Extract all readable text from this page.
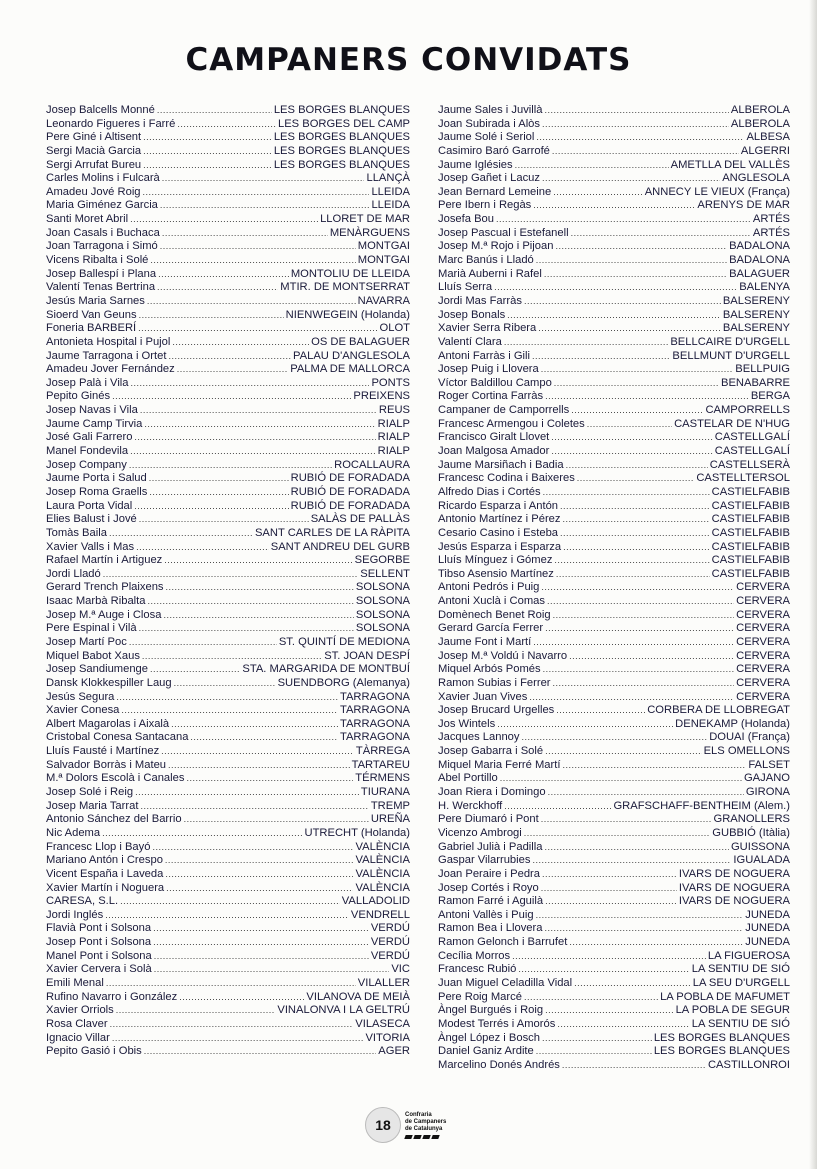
CAMPANERS CONVIDATS
Josep Balcells Monné .....	LES BORGES BLANQUES
Leonardo Figueres i Farré .....	LES BORGES DEL CAMP
Pere Giné i Altisent .....	LES BORGES BLANQUES
Sergi Macià Garcia .....	LES BORGES BLANQUES
Sergi Arrufat Bureu .....	LES BORGES BLANQUES
Carles Molins i Fulcarà .....	LLANÇÀ
Amadeu Jové Roig .....	LLEIDA
Maria Giménez Garcia .....	LLEIDA
Santi Moret Abril .....	LLORET DE MAR
Joan Casals i Buchaca .....	MENÀRGUENS
Joan Tarragona i Simó .....	MONTGAI
Vicens Ribalta i Solé .....	MONTGAI
Josep Ballespí i Plana .....	MONTOLIU DE LLEIDA
Valentí Tenas Bertrina .....	MTIR. DE MONTSERRAT
Jesús Maria Sarnes .....	NAVARRA
Sioerd Van Geuns .....	NIENWEGEIN (Holanda)
Foneria BARBERÍ .....	OLOT
Antonieta Hospital i Pujol .....	OS DE BALAGUER
Jaume Tarragona i Ortet .....	PALAU D'ANGLESOLA
Amadeu Jover Fernández .....	PALMA DE MALLORCA
Josep Palà i Vila .....	PONTS
Pepito Ginés .....	PREIXENS
Josep Navas i Vila .....	REUS
Jaume Camp Tirvia .....	RIALP
José Gali Farrero .....	RIALP
Manel Fondevila .....	RIALP
Josep Company .....	ROCALLAURA
Jaume Porta i Salud .....	RUBIÓ DE FORADADA
Josep Roma Graells .....	RUBIÓ DE FORADADA
Laura Porta Vidal .....	RUBIÓ DE FORADADA
Elies Balust i Jové .....	SALÀS DE PALLÀS
Tomàs Baila .....	SANT CARLES DE LA RÀPITA
Xavier Valls i Mas .....	SANT ANDREU DEL GURB
Rafael Martín i Artiguez .....	SEGORBE
Jordi Lladó .....	SELLENT
Gerard Trench Plaixens .....	SOLSONA
Isaac Marbà Ribalta .....	SOLSONA
Josep M.ª Auge i Closa .....	SOLSONA
Pere Espinal i Vilà .....	SOLSONA
Josep Martí Poc .....	ST. QUINTÍ DE MEDIONA
Miquel Babot Xaus .....	ST. JOAN DESPÍ
Josep Sandiumenge .....	STA. MARGARIDA DE MONTBUÍ
Dansk Klokkespiller Laug .....	SUENDBORG (Alemanya)
Jesús Segura .....	TARRAGONA
Xavier Conesa .....	TARRAGONA
Albert Magarolas i Aixalà .....	TARRAGONA
Cristobal Conesa Santacana .....	TARRAGONA
Lluís Fausté i Martínez .....	TÀRREGA
Salvador Borràs i Mateu .....	TARTAREU
M.ª Dolors Escolà i Canales .....	TÉRMENS
Josep Solé i Reig .....	TIURANA
Josep Maria Tarrat .....	TREMP
Antonio Sánchez del Barrio .....	UREÑA
Nic Adema .....	UTRECHT (Holanda)
Francesc Llop i Bayó .....	VALÈNCIA
Mariano Antón i Crespo .....	VALÈNCIA
Vicent España i Laveda .....	VALÈNCIA
Xavier Martín i Noguera .....	VALÈNCIA
CARESA, S.L. .....	VALLADOLID
Jordi Inglés .....	VENDRELL
Flavià Pont i Solsona .....	VERDÚ
Josep Pont i Solsona .....	VERDÚ
Manel Pont i Solsona .....	VERDÚ
Xavier Cervera i Solà .....	VIC
Emili Menal .....	VILALLER
Rufino Navarro i González .....	VILANOVA DE MEIÀ
Xavier Orriols .....	VINALONVA I LA GELTRÚ
Rosa Claver .....	VILASECA
Ignacio Villar .....	VITORIA
Pepito Gasió i Obis .....	AGER
Jaume Sales i Juvillà .....	ALBEROLA
Joan Subirada i Alòs .....	ALBEROLA
Jaume Solé i Seriol .....	ALBESA
Casimiro Baró Garrofé .....	ALGERRI
Jaume Iglésies .....	AMETLLA DEL VALLÈS
Josep Gañet i Lacuz .....	ANGLESOLA
Jean Bernard Lemeine .....	ANNECY LE VIEUX (França)
Pere Ibern i Regàs .....	ARENYS DE MAR
Josefa Bou .....	ARTÉS
Josep Pascual i Estefanell .....	ARTÉS
Josep M.ª Rojo i Pijoan .....	BADALONA
Marc Banús i Lladó .....	BADALONA
Marià Auberni i Rafel .....	BALAGUER
Lluís Serra .....	BALENYA
Jordi Mas Farràs .....	BALSERENY
Josep Bonals .....	BALSERENY
Xavier Serra Ribera .....	BALSERENY
Valentí Clara .....	BELLCAIRE D'URGELL
Antoni Farràs i Gili .....	BELLMUNT D'URGELL
Josep Puig i Llovera .....	BELLPUIG
Víctor Baldillou Campo .....	BENABARRE
Roger Cortina Farràs .....	BERGA
Campaner de Camporrells .....	CAMPORRELLS
Francesc Armengou i Coletes .....	CASTELAR DE N'HUG
Francisco Giralt Llovet .....	CASTELLGALÍ
Joan Malgosa Amador .....	CASTELLGALÍ
Jaume Marsiñach i Badia .....	CASTELLSERÀ
Francesc Codina i Baixeres .....	CASTELLTERSOL
Alfredo Dias i Cortés .....	CASTIELFABIB
Ricardo Esparza i Antón .....	CASTIELFABIB
Antonio Martínez i Pérez .....	CASTIELFABIB
Cesario Casino i Esteba .....	CASTIELFABIB
Jesús Esparza i Esparza .....	CASTIELFABIB
Lluís Mínguez i Gómez .....	CASTIELFABIB
Tibso Asensio Martínez .....	CASTIELFABIB
Antoni Pedrós i Puig .....	CERVERA
Antoni Xuclà i Comas .....	CERVERA
Domènech Benet Roig .....	CERVERA
Gerard García Ferrer .....	CERVERA
Jaume Font i Martí .....	CERVERA
Josep M.ª Voldú i Navarro .....	CERVERA
Miquel Arbós Pomés .....	CERVERA
Ramon Subias i Ferrer .....	CERVERA
Xavier Juan Vives .....	CERVERA
Josep Brucard Urgelles .....	CORBERA DE LLOBREGAT
Jos Wintels .....	DENEKAMP (Holanda)
Jacques Lannoy .....	DOUAI (França)
Josep Gabarra i Solé .....	ELS OMELLONS
Miquel Maria Ferré Martí .....	FALSET
Abel Portillo .....	GAJANO
Joan Riera i Domingo .....	GIRONA
H. Werckhoff .....	GRAFSCHAFF-BENTHEIM (Alem.)
Pere Diumaró i Pont .....	GRANOLLERS
Vicenzo Ambrogi .....	GUBBIÓ (Itàlia)
Gabriel Julià i Padilla .....	GUISSONA
Gaspar Vilarrubies .....	IGUALADA
Joan Peraire i Pedra .....	IVARS DE NOGUERA
Josep Cortés i Royo .....	IVARS DE NOGUERA
Ramon Farré i Aguilà .....	IVARS DE NOGUERA
Antoni Vallès i Puig .....	JUNEDA
Ramon Bea i Llovera .....	JUNEDA
Ramon Gelonch i Barrufet .....	JUNEDA
Cecília Morros .....	LA FIGUEROSA
Francesc Rubió .....	LA SENTIU DE SIÓ
Juan Miguel Celadilla Vidal .....	LA SEU D'URGELL
Pere Roig Marcé .....	LA POBLA DE MAFUMET
Àngel Burgués i Roig .....	LA POBLA DE SEGUR
Modest Terrés i Amorós .....	LA SENTIU DE SIÓ
Àngel López i Bosch .....	LES BORGES BLANQUES
Daniel Ganiz Ardite .....	LES BORGES BLANQUES
Marcelino Donés Andrés .....	CASTILLONROI
18
Confraria
de Campaners
de Catalunya
